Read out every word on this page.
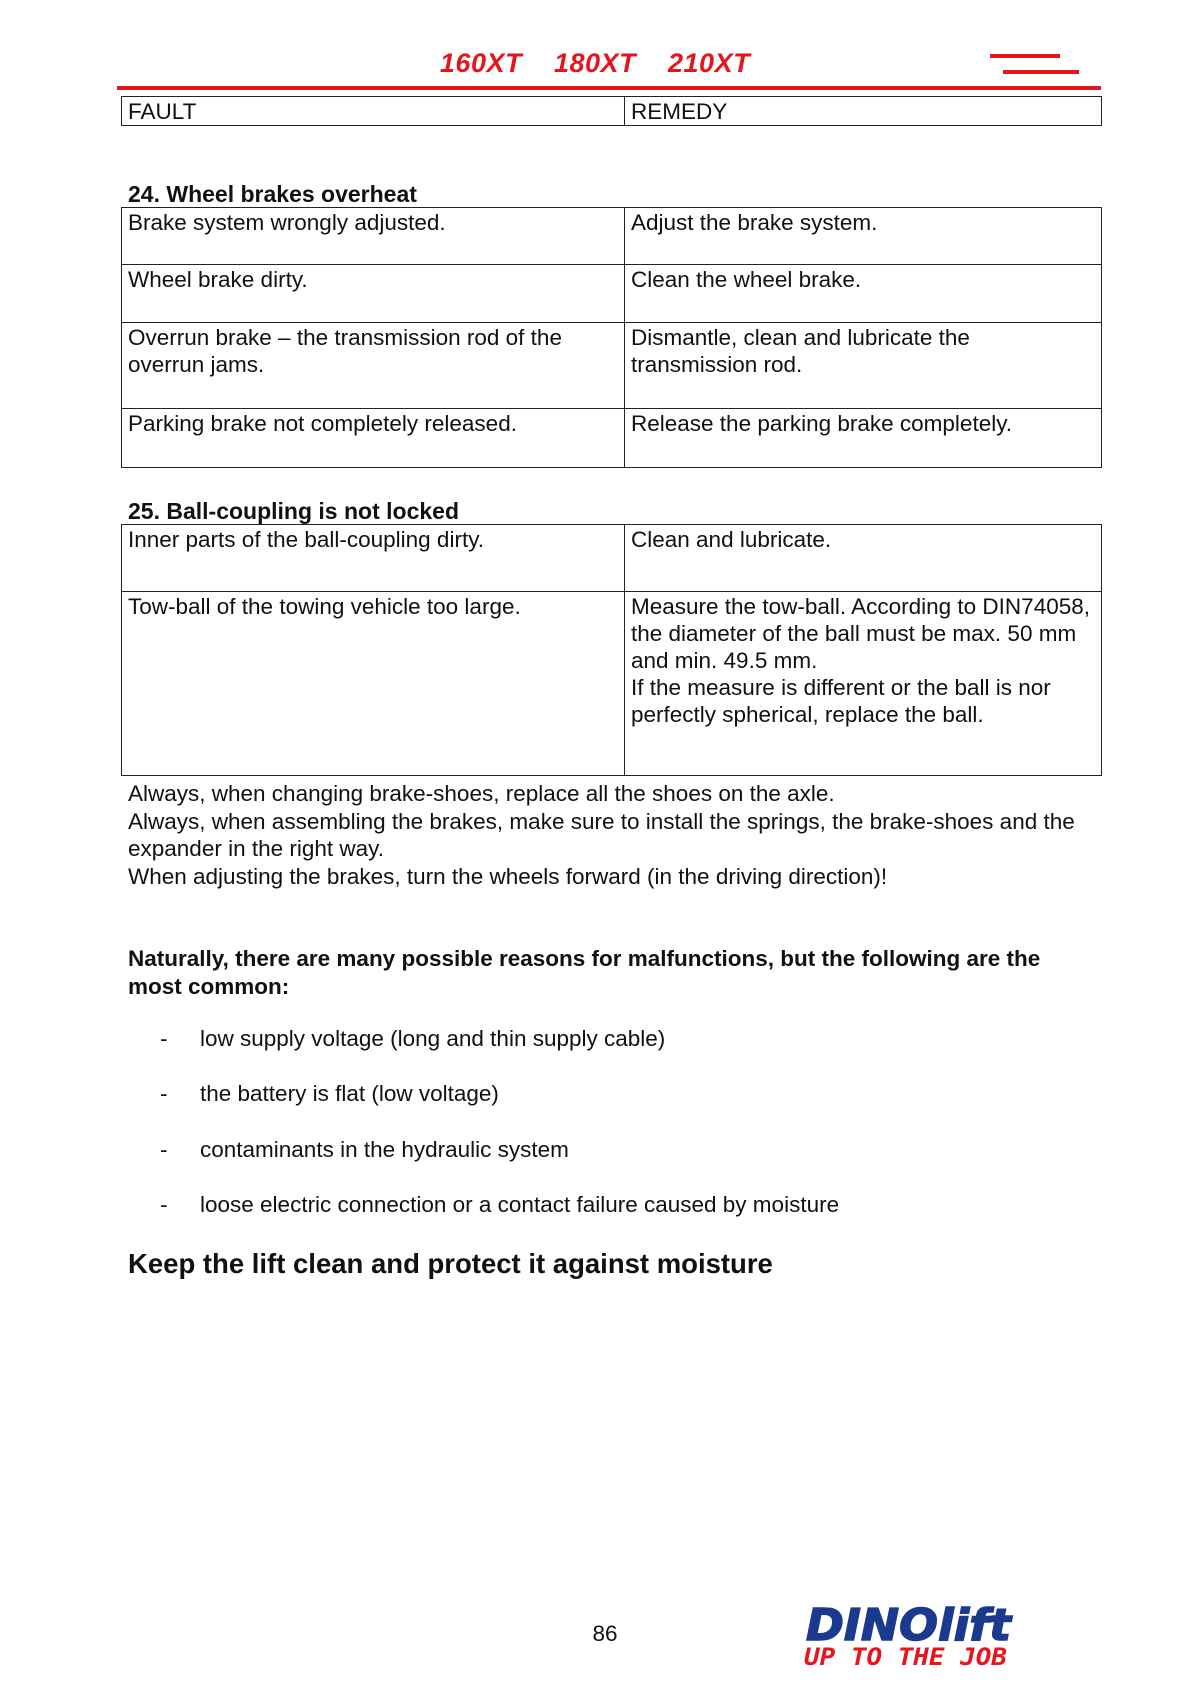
160XT    180XT    210XT
FAULT	REMEDY
24. Wheel brakes overheat
Brake system wrongly adjusted.	Adjust the brake system.
Wheel brake dirty.	Clean the wheel brake.
Overrun brake – the transmission rod of the overrun jams.	Dismantle, clean and lubricate the transmission rod.
Parking brake not completely released.	Release the parking brake completely.
25. Ball-coupling is not locked
Inner parts of the ball-coupling dirty.	Clean and lubricate.
Tow-ball of the towing vehicle too large.	Measure the tow-ball. According to DIN74058, the diameter of the ball must be max. 50 mm and min. 49.5 mm.
If the measure is different or the ball is nor perfectly spherical, replace the ball.

Always, when changing brake-shoes, replace all the shoes on the axle.

Always, when assembling the brakes, make sure to install the springs, the brake-shoes and the expander in the right way.

When adjusting the brakes, turn the wheels forward (in the driving direction)!

Naturally, there are many possible reasons for malfunctions, but the following are the most common:
- low supply voltage (long and thin supply cable)
- the battery is flat (low voltage)
- contaminants in the hydraulic system
- loose electric connection or a contact failure caused by moisture
Keep the lift clean and protect it against moisture
86	DINOlift
UP TO THE JOB
